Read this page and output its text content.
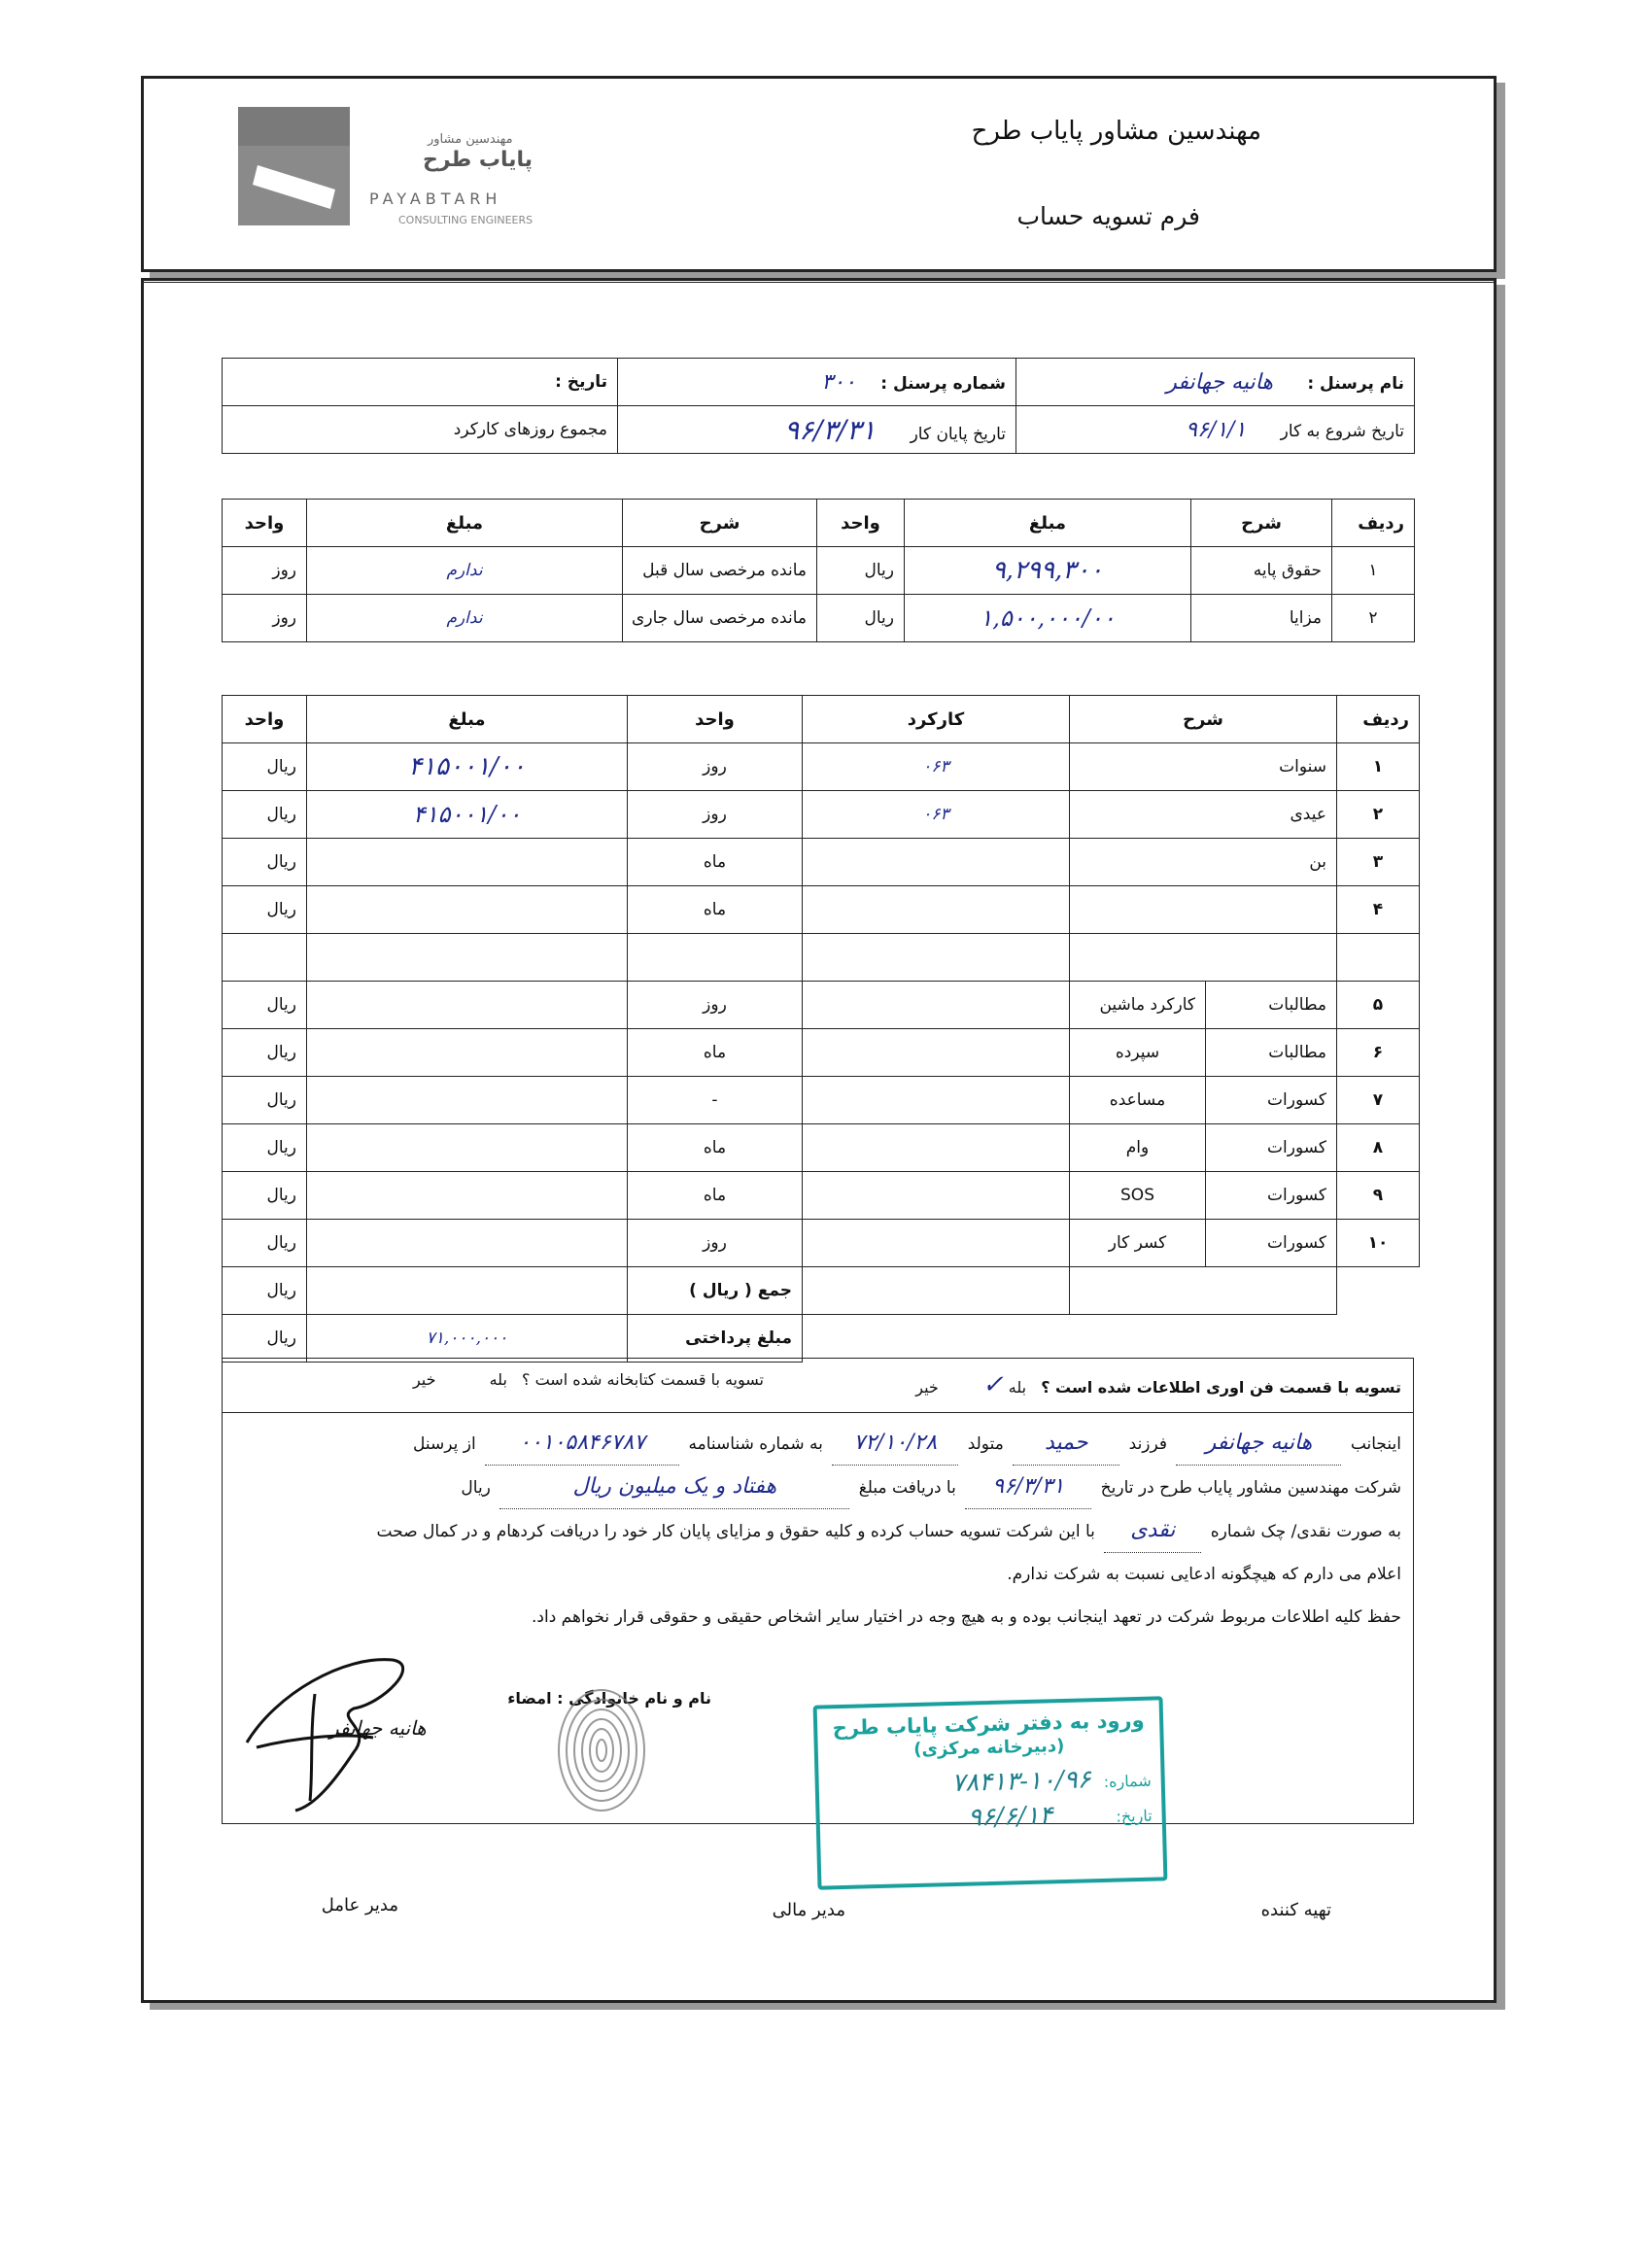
مهندسین مشاور
پایاب طرح
PAYABTARH
CONSULTING ENGINEERS
مهندسین مشاور پایاب طرح
فرم تسویه حساب
نام پرسنل : هانیه جهانفر	شماره پرسنل : ۳۰۰	تاریخ :
تاریخ شروع به کار ۹۶/۱/۱	تاریخ پایان کار ۹۶/۳/۳۱	مجموع روزهای کارکرد
ردیف	شرح	مبلغ	واحد	شرح	مبلغ	واحد
۱	حقوق پایه	۹,۲۹۹,۳۰۰	ریال	مانده مرخصی سال قبل	ندارم	روز
۲	مزایا	۱,۵۰۰,۰۰۰/۰۰	ریال	مانده مرخصی سال جاری	ندارم	روز
ردیف	شرح		کارکرد	واحد	مبلغ	واحد
۱	سنوات		۰۶۳	روز	۴۱۵۰۰۱/۰۰	ریال
۲	عیدی		۰۶۳	روز	۴۱۵۰۰۱/۰۰	ریال
۳	بن			ماه		ریال
۴				ماه		ریال

۵	مطالبات	کارکرد ماشین		روز		ریال
۶	مطالبات	سپرده		ماه		ریال
۷	کسورات	مساعده		-		ریال
۸	کسورات	وام		ماه		ریال
۹	کسورات	SOS		ماه		ریال
۱۰	کسورات	کسر کار		روز		ریال
				جمع ( ریال )		ریال
				مبلغ پرداختی	۷۱,۰۰۰,۰۰۰	ریال
تسویه با قسمت فن اوری اطلاعات شده است ؟ بله ✓ خیر
تسویه با قسمت کتابخانه شده است ؟ بله خیر
اینجانب هانیه جهانفر فرزند حمید متولد ۷۲/۱۰/۲۸ به شماره شناسنامه ۰۰۱۰۵۸۴۶۷۸۷ از پرسنل
شرکت مهندسین مشاور پایاب طرح در تاریخ ۹۶/۳/۳۱ با دریافت مبلغ هفتاد و یک میلیون ریال ریال
به صورت نقدی/ چک شماره نقدی با این شرکت تسویه حساب کرده و کلیه حقوق و مزایای پایان کار خود را دریافت کردهام و در کمال صحت
اعلام می دارم که هیچگونه ادعایی نسبت به شرکت ندارم.
حفظ کلیه اطلاعات مربوط شرکت در تعهد اینجانب بوده و به هیچ وجه در اختیار سایر اشخاص حقیقی و حقوقی قرار نخواهم داد.
نام و نام خانوادگی : امضاء
هانیه جهانفر	ورود به دفتر شرکت پایاب طرح
(دبیرخانه مرکزی)
شماره: ۱۰/۹۶-۷۸۴۱۳
تاریخ: ۹۶/۶/۱۴
تهیه کننده
مدیر مالی
مدیر عامل
